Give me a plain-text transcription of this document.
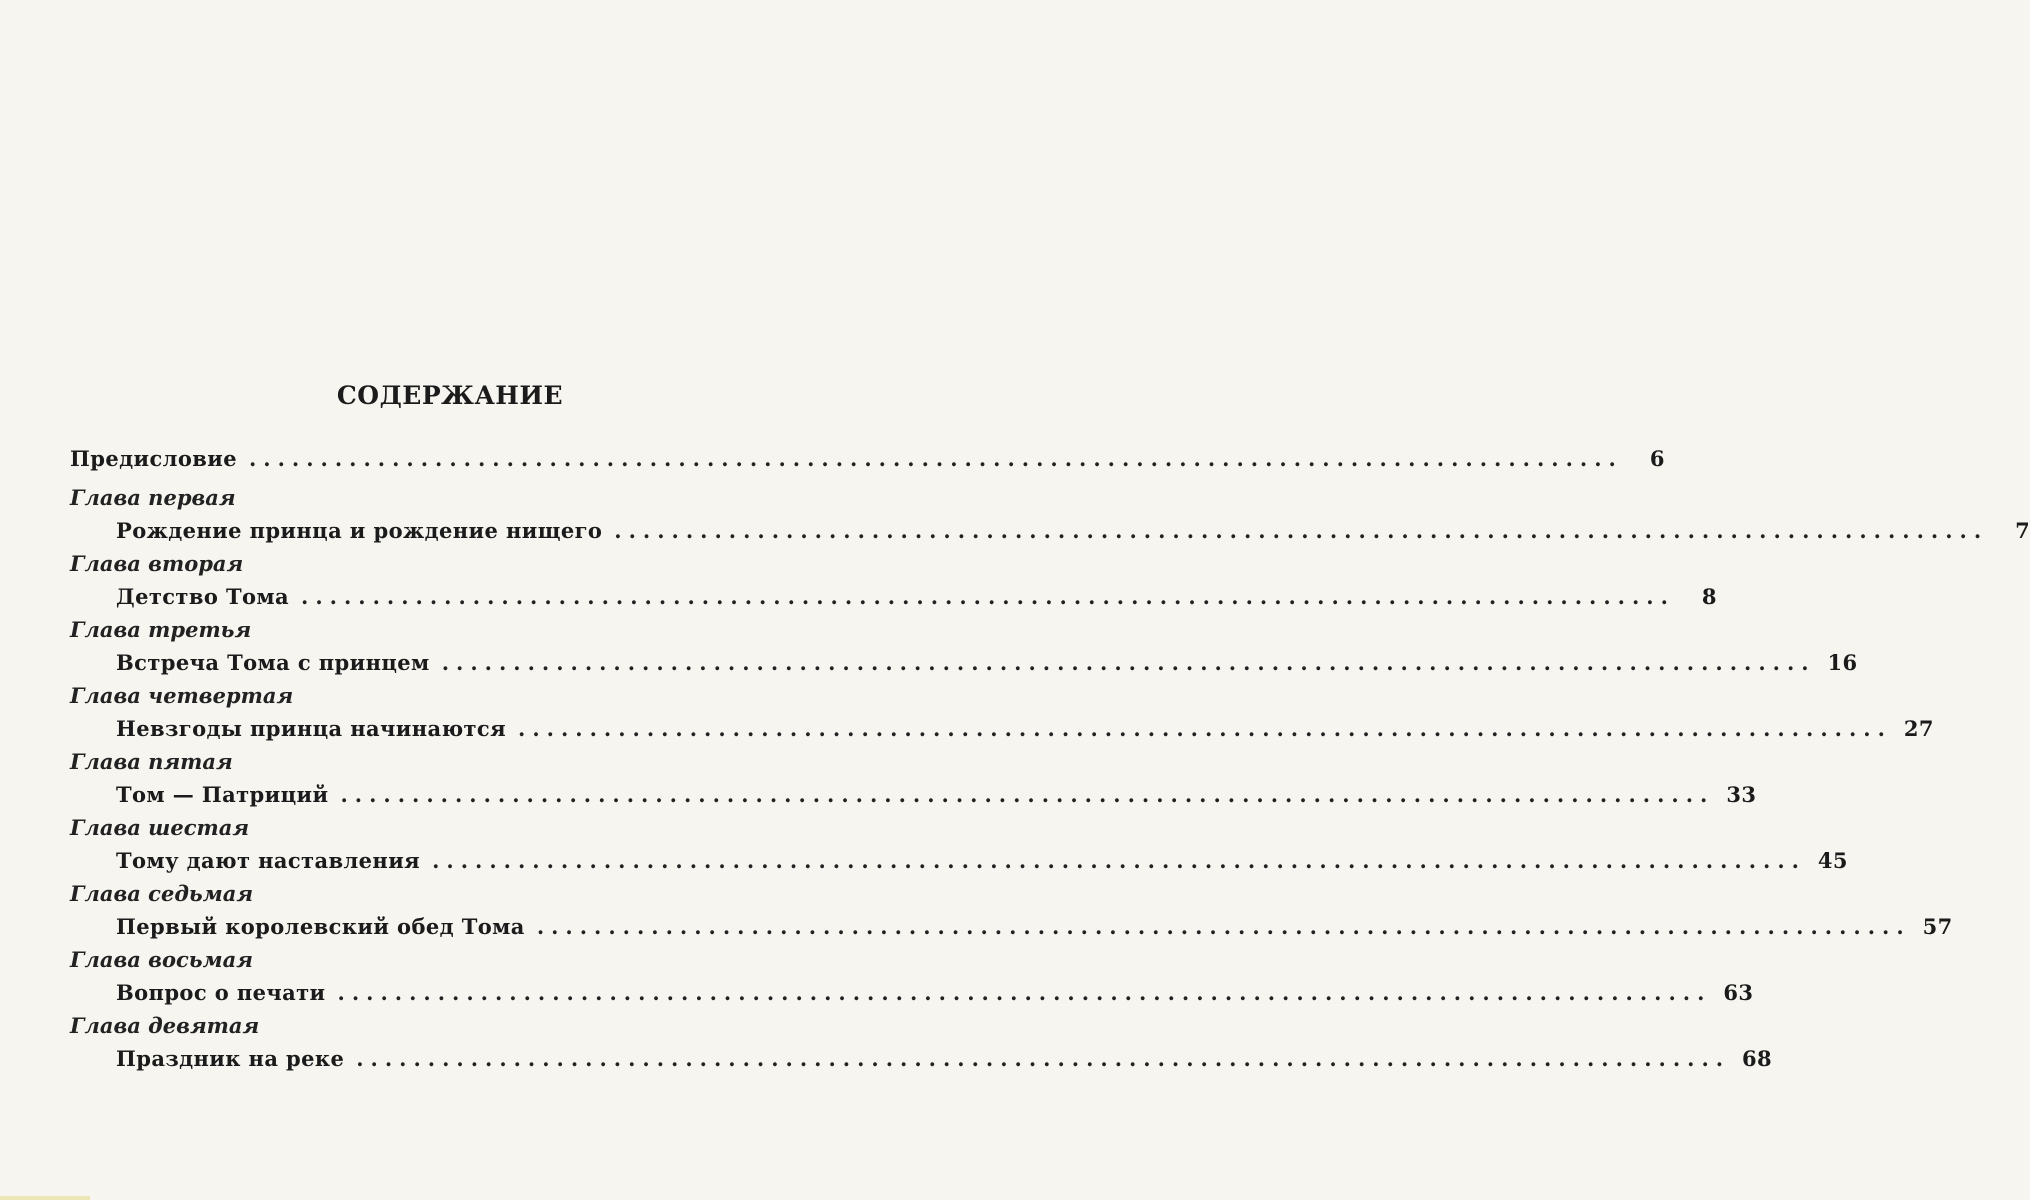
СОДЕРЖАНИЕ
Предисловие ................................................................................................	6
Глава первая
Рождение принца и рождение нищего ................................................................................................	7
Глава вторая
Детство Тома ................................................................................................	8
Глава третья
Встреча Тома с принцем ................................................................................................ 16
Глава четвертая
Невзгоды принца начинаются ................................................................................................ 27
Глава пятая
Том — Патриций ................................................................................................ 33
Глава шестая
Тому дают наставления ................................................................................................ 45
Глава седьмая
Первый королевский обед Тома ................................................................................................ 57
Глава восьмая
Вопрос о печати ................................................................................................ 63
Глава девятая
Праздник на реке ................................................................................................ 68
